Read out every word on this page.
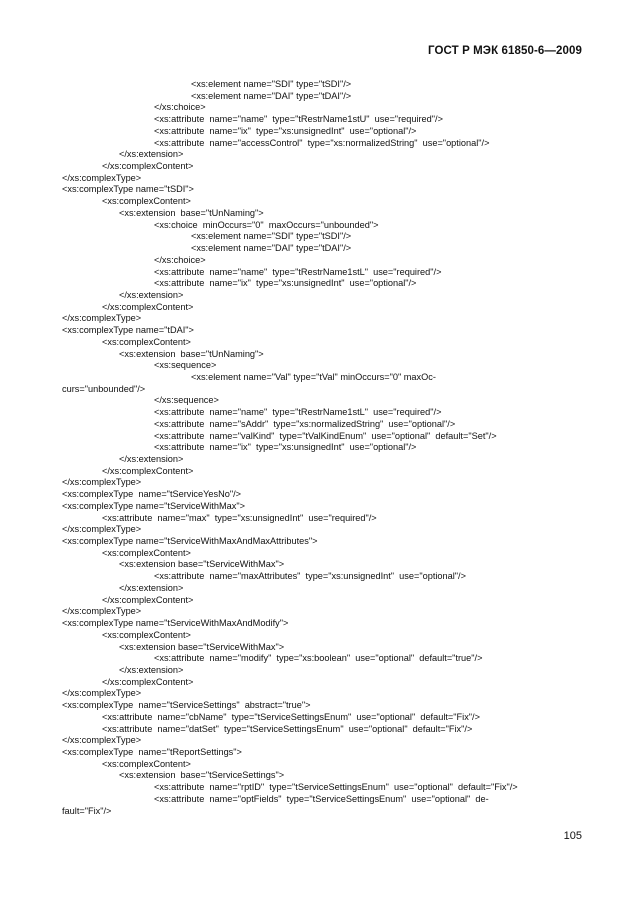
ГОСТ Р МЭК 61850-6—2009
<xs:element name="SDI" type="tSDI"/>
<xs:element name="DAI" type="tDAI"/>
</xs:choice>
<xs:attribute  name="name"  type="tRestrName1stU"  use="required"/>
<xs:attribute  name="ix"  type="xs:unsignedInt"  use="optional"/>
<xs:attribute  name="accessControl"  type="xs:normalizedString"  use="optional"/>
</xs:extension>
</xs:complexContent>
</xs:complexType>
<xs:complexType name="tSDI">
<xs:complexContent>
<xs:extension  base="tUnNaming">
<xs:choice  minOccurs="0"  maxOccurs="unbounded">
<xs:element name="SDI" type="tSDI"/>
<xs:element name="DAI" type="tDAI"/>
</xs:choice>
<xs:attribute  name="name"  type="tRestrName1stL"  use="required"/>
<xs:attribute  name="ix"  type="xs:unsignedInt"  use="optional"/>
</xs:extension>
</xs:complexContent>
</xs:complexType>
<xs:complexType name="tDAI">
<xs:complexContent>
<xs:extension  base="tUnNaming">
<xs:sequence>
<xs:element name="Val" type="tVal" minOccurs="0" maxOc-
curs="unbounded"/>
</xs:sequence>
<xs:attribute  name="name"  type="tRestrName1stL"  use="required"/>
<xs:attribute  name="sAddr"  type="xs:normalizedString"  use="optional"/>
<xs:attribute  name="valKind"  type="tValKindEnum"  use="optional"  default="Set"/>
<xs:attribute  name="ix"  type="xs:unsignedInt"  use="optional"/>
</xs:extension>
</xs:complexContent>
</xs:complexType>
<xs:complexType  name="tServiceYesNo"/>
<xs:complexType name="tServiceWithMax">
<xs:attribute  name="max"  type="xs:unsignedInt"  use="required"/>
</xs:complexType>
<xs:complexType name="tServiceWithMaxAndMaxAttributes">
<xs:complexContent>
<xs:extension base="tServiceWithMax">
<xs:attribute  name="maxAttributes"  type="xs:unsignedInt"  use="optional"/>
</xs:extension>
</xs:complexContent>
</xs:complexType>
<xs:complexType name="tServiceWithMaxAndModify">
<xs:complexContent>
<xs:extension base="tServiceWithMax">
<xs:attribute  name="modify"  type="xs:boolean"  use="optional"  default="true"/>
</xs:extension>
</xs:complexContent>
</xs:complexType>
<xs:complexType  name="tServiceSettings"  abstract="true">
<xs:attribute  name="cbName"  type="tServiceSettingsEnum"  use="optional"  default="Fix"/>
<xs:attribute  name="datSet"  type="tServiceSettingsEnum"  use="optional"  default="Fix"/>
</xs:complexType>
<xs:complexType  name="tReportSettings">
<xs:complexContent>
<xs:extension  base="tServiceSettings">
<xs:attribute  name="rptID"  type="tServiceSettingsEnum"  use="optional"  default="Fix"/>
<xs:attribute  name="optFields"  type="tServiceSettingsEnum"  use="optional"  de-
fault="Fix"/>
105
